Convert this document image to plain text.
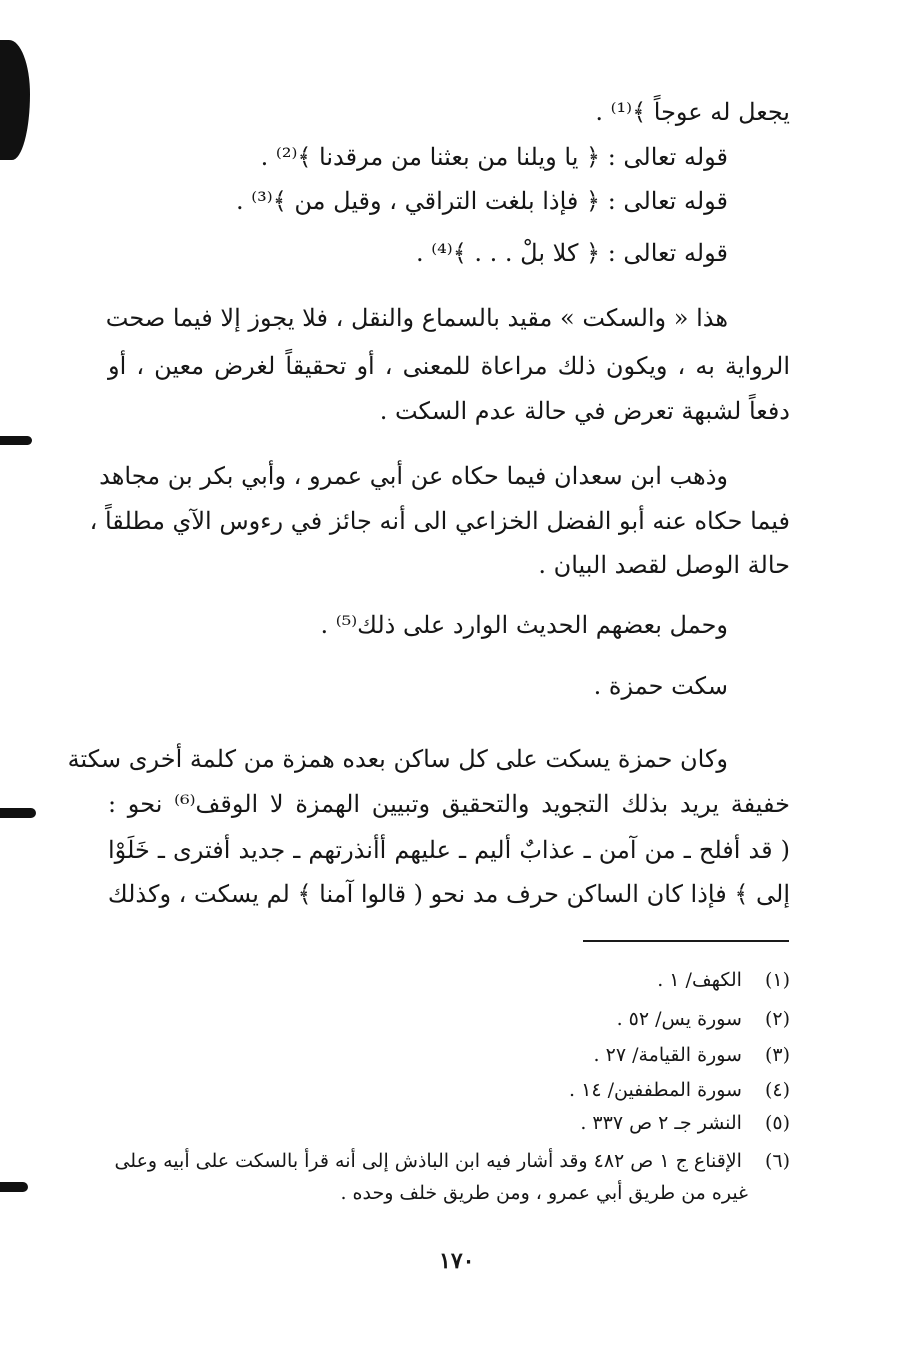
يجعل له عوجاً ﴾⁽¹⁾ .
قوله تعالى : ﴿ يا ويلنا من بعثنا من مرقدنا ﴾⁽²⁾ .
قوله تعالى : ﴿ فإذا بلغت التراقي ، وقيل من ﴾⁽³⁾ .
قوله تعالى : ﴿ كلا بلْ . . . ﴾⁽⁴⁾ .
هذا « والسكت » مقيد بالسماع والنقل ، فلا يجوز إلا فيما صحت
الرواية به ، ويكون ذلك مراعاة للمعنى ، أو تحقيقاً لغرض معين ، أو
دفعاً لشبهة تعرض في حالة عدم السكت .
وذهب ابن سعدان فيما حكاه عن أبي عمرو ، وأبي بكر بن مجاهد
فيما حكاه عنه أبو الفضل الخزاعي الى أنه جائز في رءوس الآي مطلقاً ،
حالة الوصل لقصد البيان .
وحمل بعضهم الحديث الوارد على ذلك⁽⁵⁾ .
سكت حمزة .
وكان حمزة يسكت على كل ساكن بعده همزة من كلمة أخرى سكتة
خفيفة يريد بذلك التجويد والتحقيق وتبيين الهمزة لا الوقف⁽⁶⁾ نحو :
( قد أفلح ـ من آمن ـ عذابٌ أليم ـ عليهم أأنذرتهم ـ جديد أفترى ـ خَلَوْا
إلى ﴾ فإذا كان الساكن حرف مد نحو ( قالوا آمنا ﴾ لم يسكت ، وكذلك
(١) الكهف/ ١ .
(٢) سورة يس/ ٥٢ .
(٣) سورة القيامة/ ٢٧ .
(٤) سورة المطففين/ ١٤ .
(٥) النشر جـ ٢ ص ٣٣٧ .
(٦) الإقناع ج ١ ص ٤٨٢ وقد أشار فيه ابن الباذش إلى أنه قرأ بالسكت على أبيه وعلى
غيره من طريق أبي عمرو ، ومن طريق خلف وحده .
١٧٠
